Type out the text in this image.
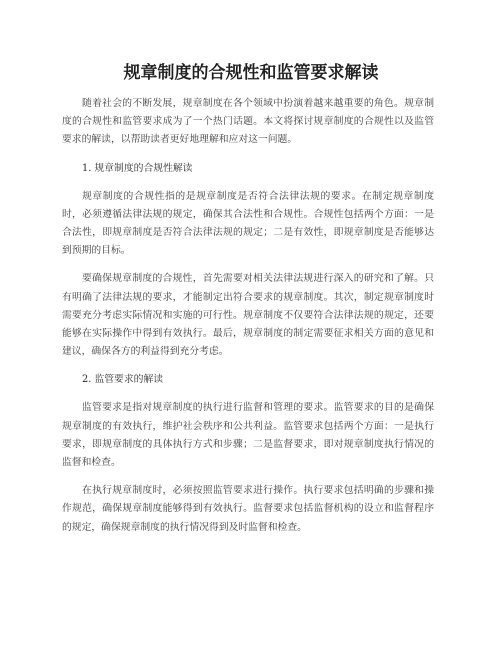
规章制度的合规性和监管要求解读

随着社会的不断发展，规章制度在各个领域中扮演着越来越重要的角色。规章制度的合规性和监管要求成为了一个热门话题。本文将探讨规章制度的合规性以及监管要求的解读，以帮助读者更好地理解和应对这一问题。

1. 规章制度的合规性解读

规章制度的合规性指的是规章制度是否符合法律法规的要求。在制定规章制度时，必须遵循法律法规的规定，确保其合法性和合规性。合规性包括两个方面：一是合法性，即规章制度是否符合法律法规的规定；二是有效性，即规章制度是否能够达到预期的目标。

要确保规章制度的合规性，首先需要对相关法律法规进行深入的研究和了解。只有明确了法律法规的要求，才能制定出符合要求的规章制度。其次，制定规章制度时需要充分考虑实际情况和实施的可行性。规章制度不仅要符合法律法规的规定，还要能够在实际操作中得到有效执行。最后，规章制度的制定需要征求相关方面的意见和建议，确保各方的利益得到充分考虑。

2. 监管要求的解读

监管要求是指对规章制度的执行进行监督和管理的要求。监管要求的目的是确保规章制度的有效执行，维护社会秩序和公共利益。监管要求包括两个方面：一是执行要求，即规章制度的具体执行方式和步骤；二是监督要求，即对规章制度执行情况的监督和检查。

在执行规章制度时，必须按照监管要求进行操作。执行要求包括明确的步骤和操作规范，确保规章制度能够得到有效执行。监督要求包括监督机构的设立和监督程序的规定，确保规章制度的执行情况得到及时监督和检查。
